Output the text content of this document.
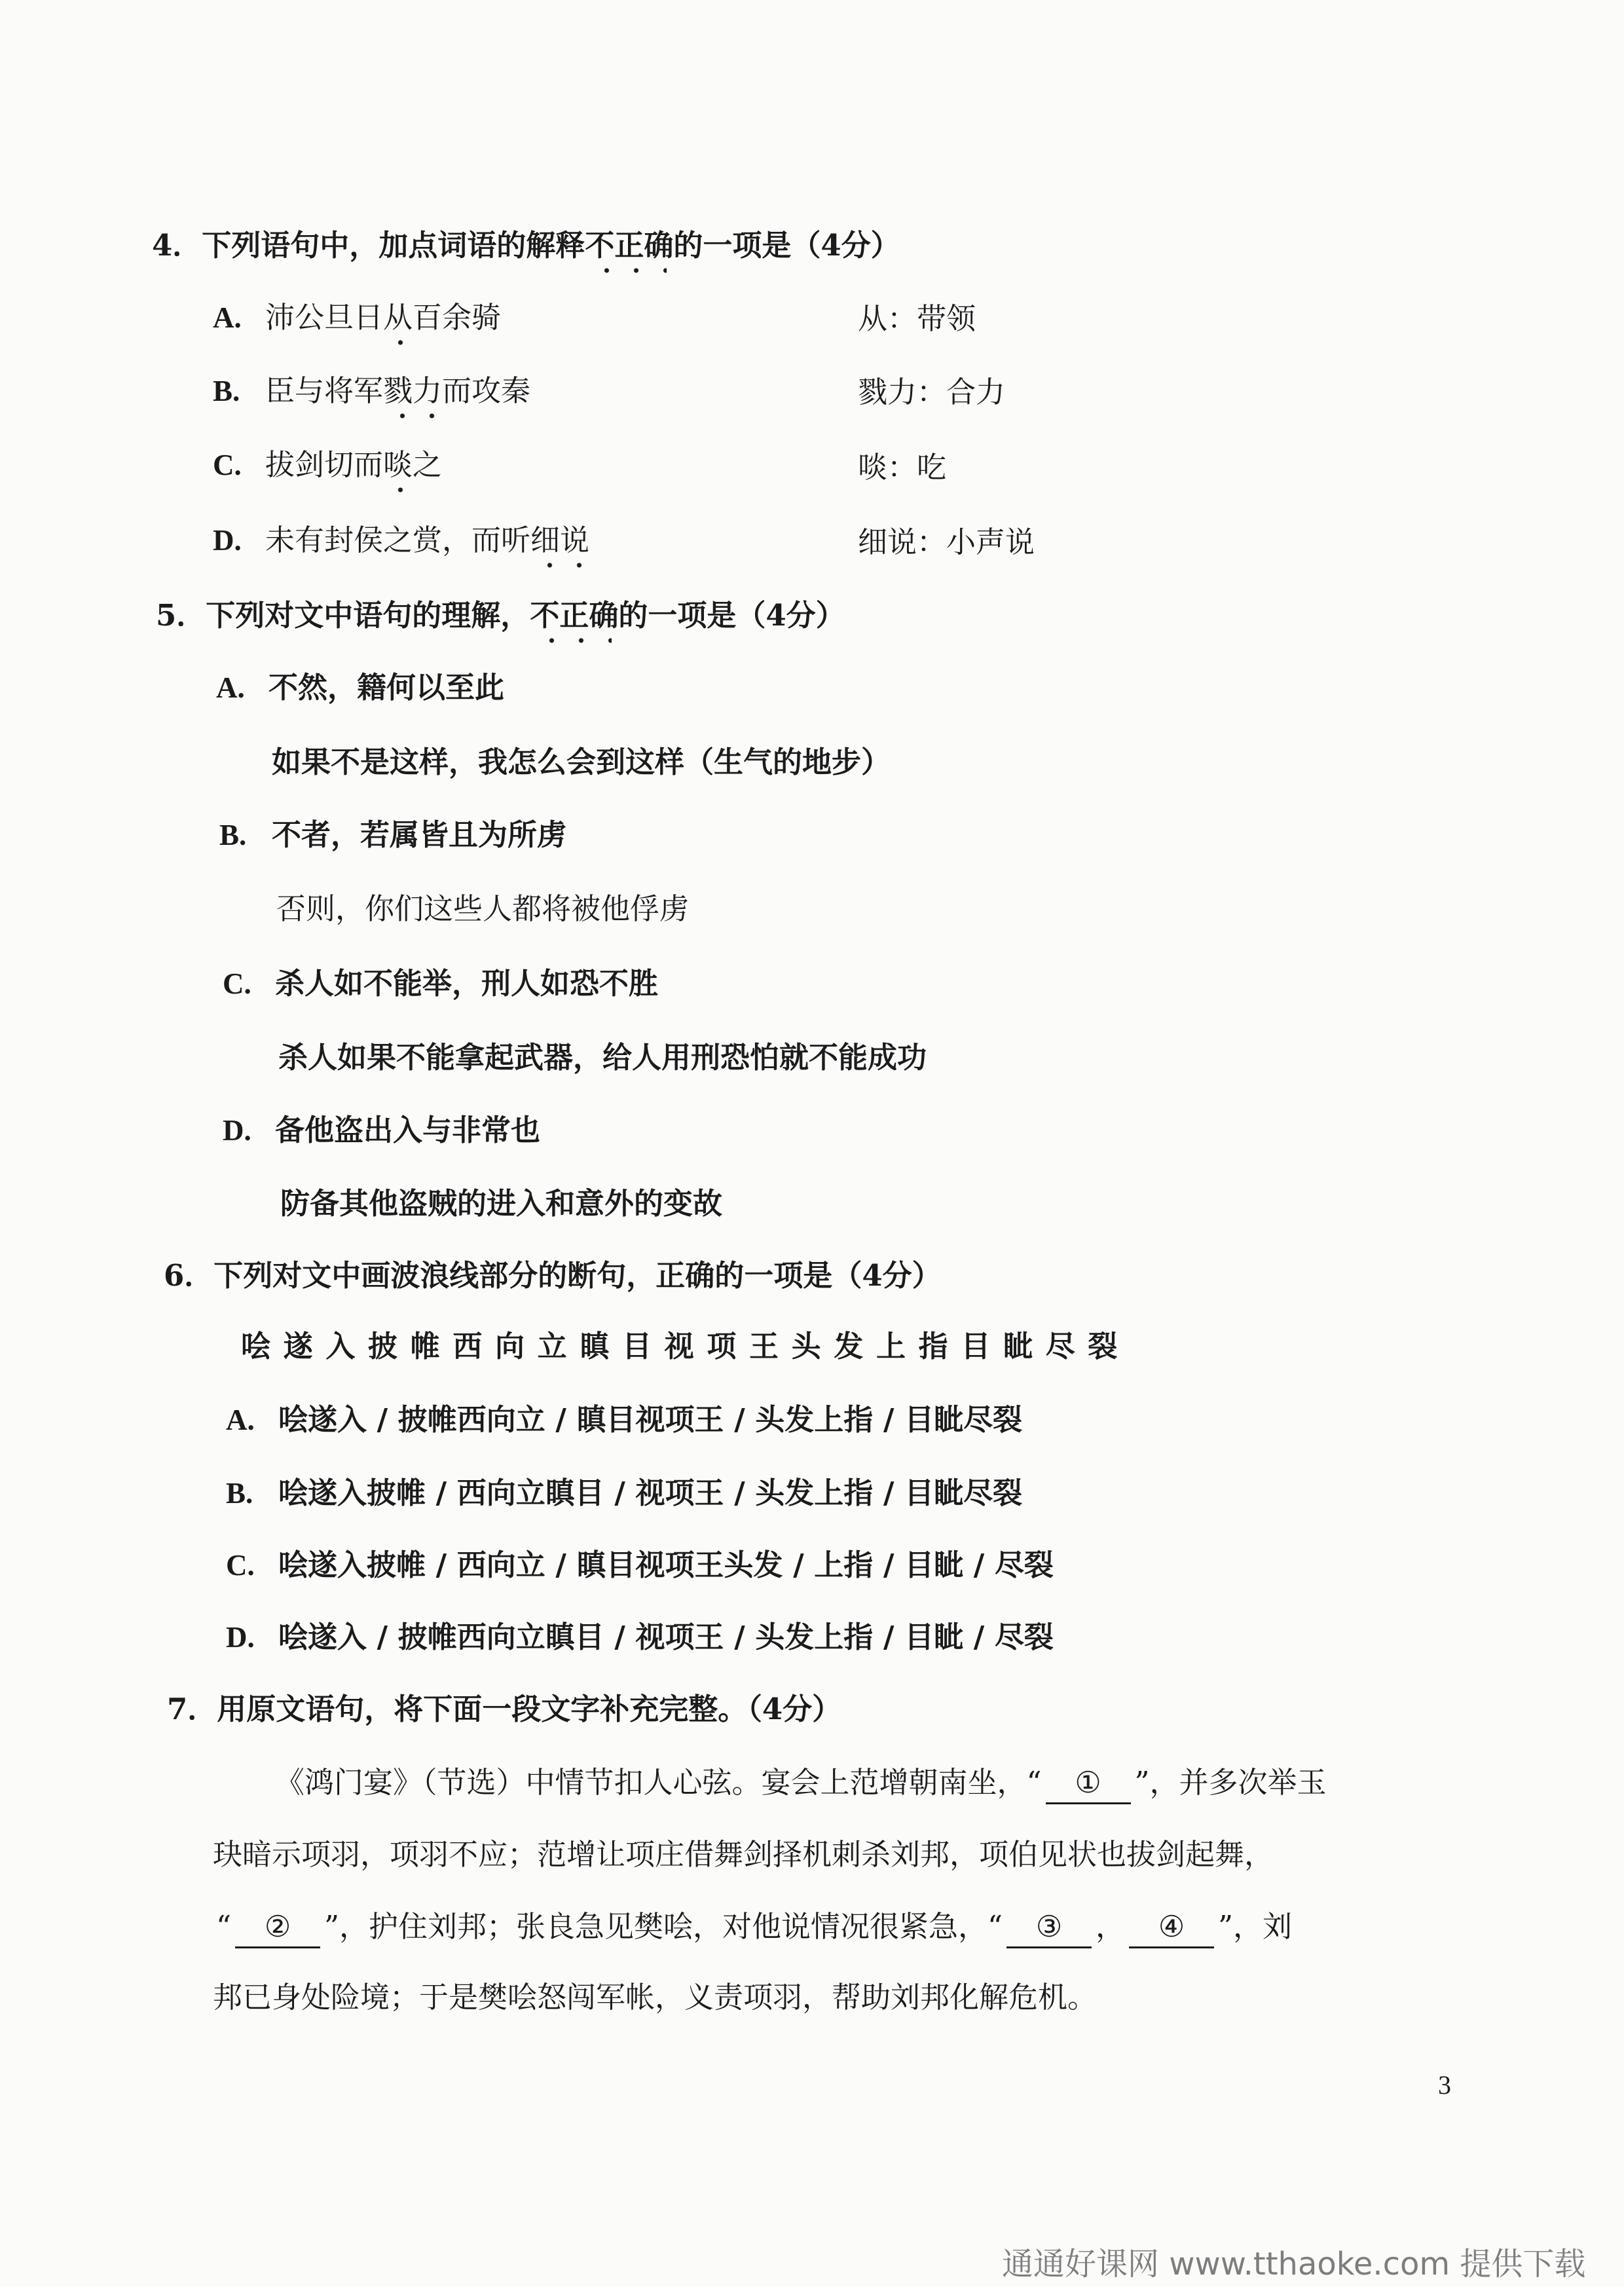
4．下列语句中，加点词语的解释不正确的一项是（4分）
A. 沛公旦日从百余骑	从：带领
B. 臣与将军戮力而攻秦	戮力：合力
C. 拔剑切而啖之	啖：吃
D. 未有封侯之赏，而听细说	细说：小声说
5．下列对文中语句的理解，不正确的一项是（4分）
A. 不然，籍何以至此
如果不是这样，我怎么会到这样（生气的地步）
B. 不者，若属皆且为所虏
否则，你们这些人都将被他俘虏
C. 杀人如不能举，刑人如恐不胜
杀人如果不能拿起武器，给人用刑恐怕就不能成功
D. 备他盗出入与非常也
防备其他盗贼的进入和意外的变故
6．下列对文中画波浪线部分的断句，正确的一项是（4分）
哙 遂 入 披 帷 西 向 立 瞋 目 视 项 王 头 发 上 指 目 眦 尽 裂
A. 哙遂入 / 披帷西向立 / 瞋目视项王 / 头发上指 / 目眦尽裂
B. 哙遂入披帷 / 西向立瞋目 / 视项王 / 头发上指 / 目眦尽裂
C. 哙遂入披帷 / 西向立 / 瞋目视项王头发 / 上指 / 目眦 / 尽裂
D. 哙遂入 / 披帷西向立瞋目 / 视项王 / 头发上指 / 目眦 / 尽裂
7．用原文语句，将下面一段文字补充完整。（4分）
《鸿门宴》（节选）中情节扣人心弦。宴会上范增朝南坐，“ ① ”，并多次举玉
玦暗示项羽，项羽不应；范增让项庄借舞剑择机刺杀刘邦，项伯见状也拔剑起舞，
“ ② ”，护住刘邦；张良急见樊哙，对他说情况很紧急，“ ③ ， ④ ”，刘
邦已身处险境；于是樊哙怒闯军帐，义责项羽，帮助刘邦化解危机。
3
通通好课网 www.tthaoke.com 提供下载
